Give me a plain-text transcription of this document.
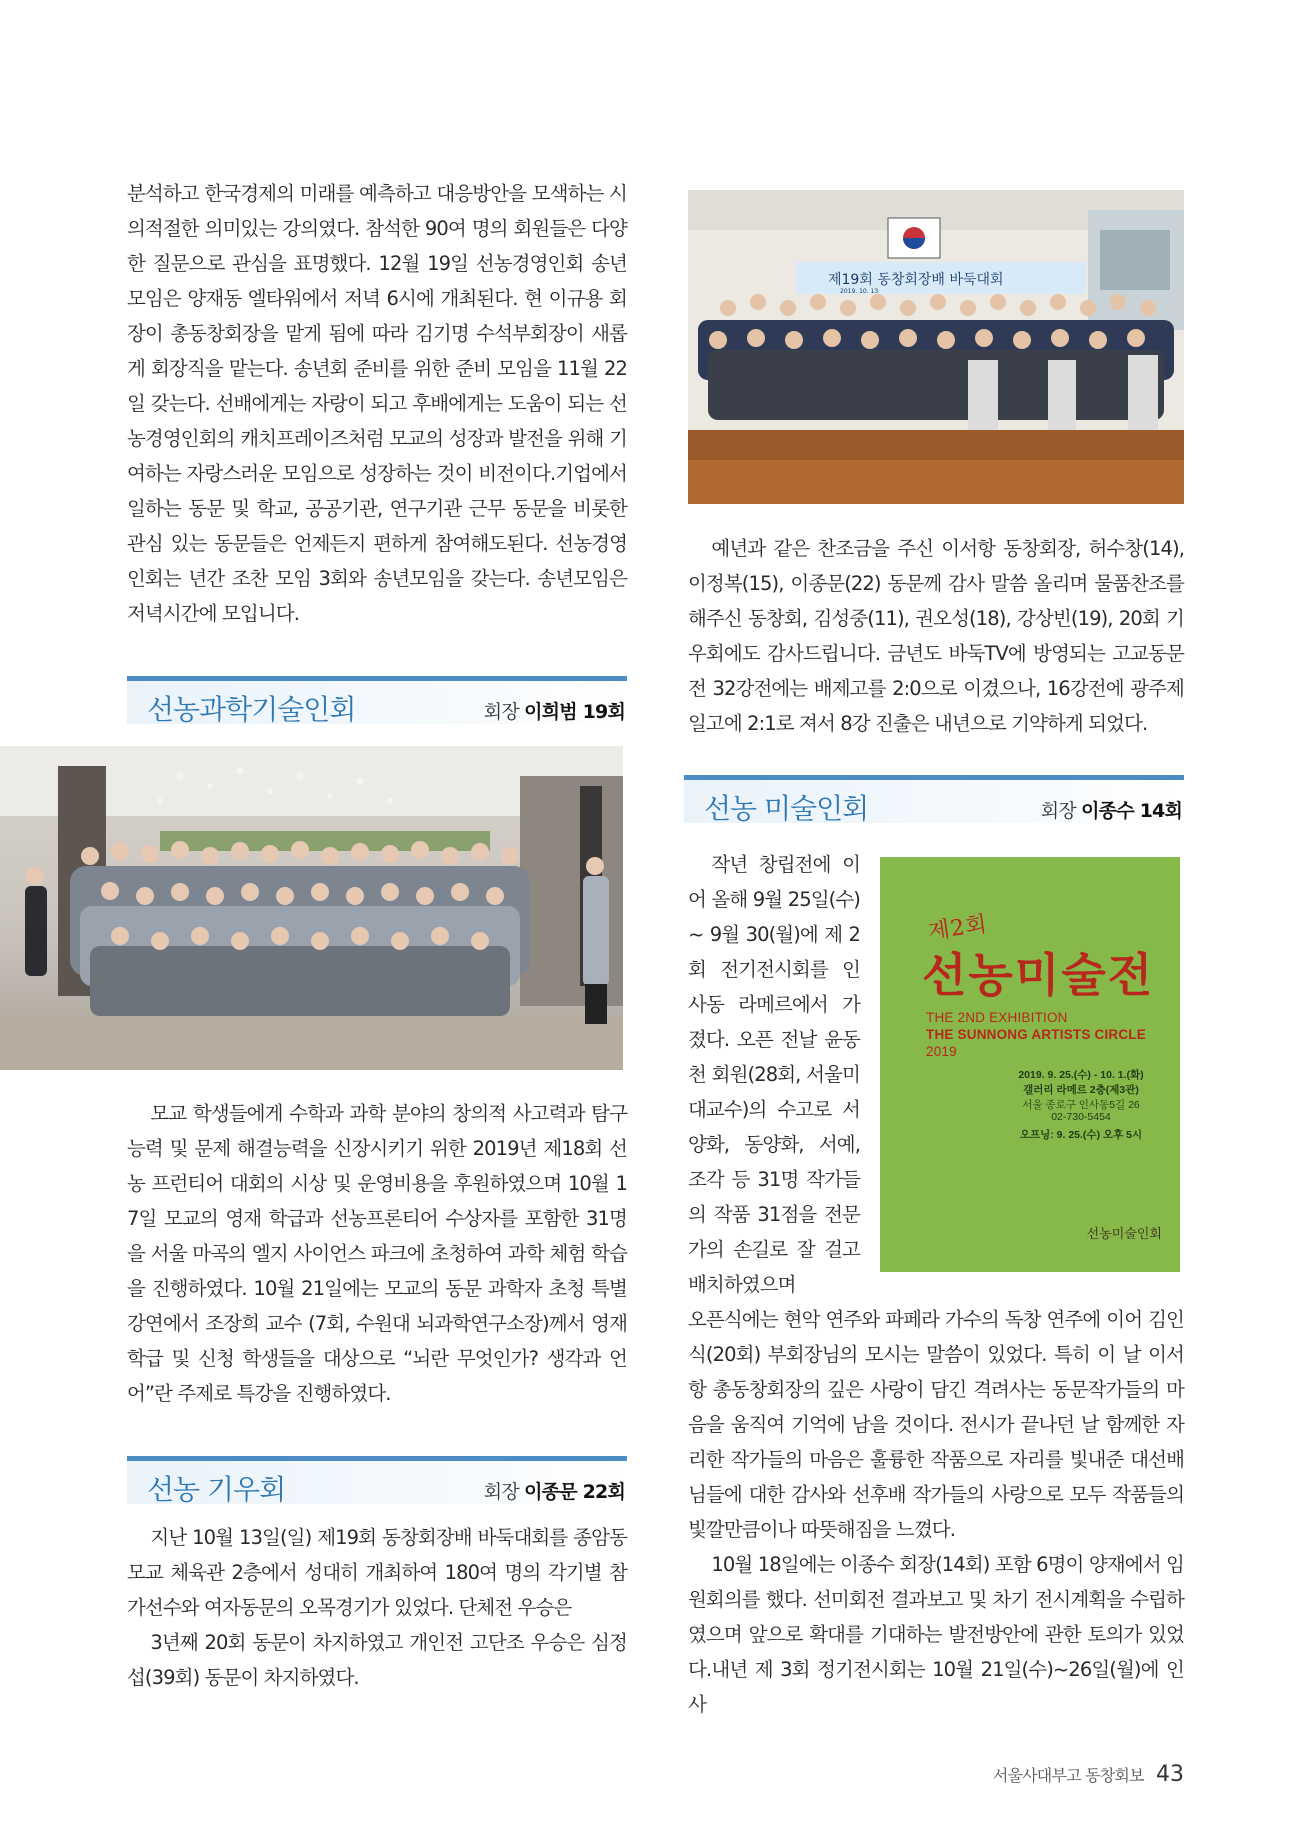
분석하고 한국경제의 미래를 예측하고 대응방안을 모색하는 시의적절한 의미있는 강의였다. 참석한 90여 명의 회원들은 다양한 질문으로 관심을 표명했다. 12월 19일 선농경영인회 송년모임은 양재동 엘타워에서 저녁 6시에 개최된다. 현 이규용 회장이 총동창회장을 맡게 됨에 따라 김기명 수석부회장이 새롭게 회장직을 맡는다. 송년회 준비를 위한 준비 모임을 11월 22일 갖는다. 선배에게는 자랑이 되고 후배에게는 도움이 되는 선농경영인회의 캐치프레이즈처럼 모교의 성장과 발전을 위해 기여하는 자랑스러운 모임으로 성장하는 것이 비전이다.기업에서 일하는 동문 및 학교, 공공기관, 연구기관 근무 동문을 비롯한 관심 있는 동문들은 언제든지 편하게 참여해도된다. 선농경영인회는 년간 조찬 모임 3회와 송년모임을 갖는다. 송년모임은 저녁시간에 모입니다.

선농과학기술인회	회장 이희범 19회

모교 학생들에게 수학과 과학 분야의 창의적 사고력과 탐구능력 및 문제 해결능력을 신장시키기 위한 2019년 제18회 선농 프런티어 대회의 시상 및 운영비용을 후원하였으며 10월 17일 모교의 영재 학급과 선농프론티어 수상자를 포함한 31명을 서울 마곡의 엘지 사이언스 파크에 초청하여 과학 체험 학습을 진행하였다. 10월 21일에는 모교의 동문 과학자 초청 특별강연에서 조장희 교수 (7회, 수원대 뇌과학연구소장)께서 영재학급 및 신청 학생들을 대상으로 “뇌란 무엇인가? 생각과 언어”란 주제로 특강을 진행하였다.

선농 기우회	회장 이종문 22회

지난 10월 13일(일) 제19회 동창회장배 바둑대회를 종암동 모교 체육관 2층에서 성대히 개최하여 180여 명의 각기별 참가선수와 여자동문의 오목경기가 있었다. 단체전 우승은

3년째 20회 동문이 차지하였고 개인전 고단조 우승은 심정섭(39회) 동문이 차지하였다.

제19회 동창회장배 바둑대회
2019. 10. 13

예년과 같은 찬조금을 주신 이서항 동창회장, 허수창(14), 이정복(15), 이종문(22) 동문께 감사 말씀 올리며 물품찬조를 해주신 동창회, 김성중(11), 권오성(18), 강상빈(19), 20회 기우회에도 감사드립니다. 금년도 바둑TV에 방영되는 고교동문전 32강전에는 배제고를 2:0으로 이겼으나, 16강전에 광주제일고에 2:1로 져서 8강 진출은 내년으로 기약하게 되었다.

선농 미술인회	회장 이종수 14회

작년 창립전에 이어 올해 9월 25일(수) ~ 9월 30(월)에 제 2회 전기전시회를 인사동 라메르에서 가졌다. 오픈 전날 윤동천 회원(28회, 서울미대교수)의 수고로 서양화, 동양화, 서예, 조각 등 31명 작가들의 작품 31점을 전문가의 손길로 잘 걸고 배치하였으며

제2회
선농미술전
THE 2ND EXHIBITION
THE SUNNONG ARTISTS CIRCLE
2019
2019. 9. 25.(수) - 10. 1.(화)
갤러리 라메르 2층(제3관)
서울 종로구 인사동5길 26
02-730-5454
오프닝: 9. 25.(수) 오후 5시
선농미술인회

오픈식에는 현악 연주와 파페라 가수의 독창 연주에 이어 김인식(20회) 부회장님의 모시는 말씀이 있었다. 특히 이 날 이서항 총동창회장의 깊은 사랑이 담긴 격려사는 동문작가들의 마음을 움직여 기억에 남을 것이다. 전시가 끝나던 날 함께한 자리한 작가들의 마음은 훌륭한 작품으로 자리를 빛내준 대선배님들에 대한 감사와 선후배 작가들의 사랑으로 모두 작품들의 빛깔만큼이나 따뜻해짐을 느꼈다.

10월 18일에는 이종수 회장(14회) 포함 6명이 양재에서 임원회의를 했다. 선미회전 결과보고 및 차기 전시계획을 수립하였으며 앞으로 확대를 기대하는 발전방안에 관한 토의가 있었다. 내년 제 3회 정기전시회는 10월 21일(수)~26일(월)에 인사

서울사대부고 동창회보 43
